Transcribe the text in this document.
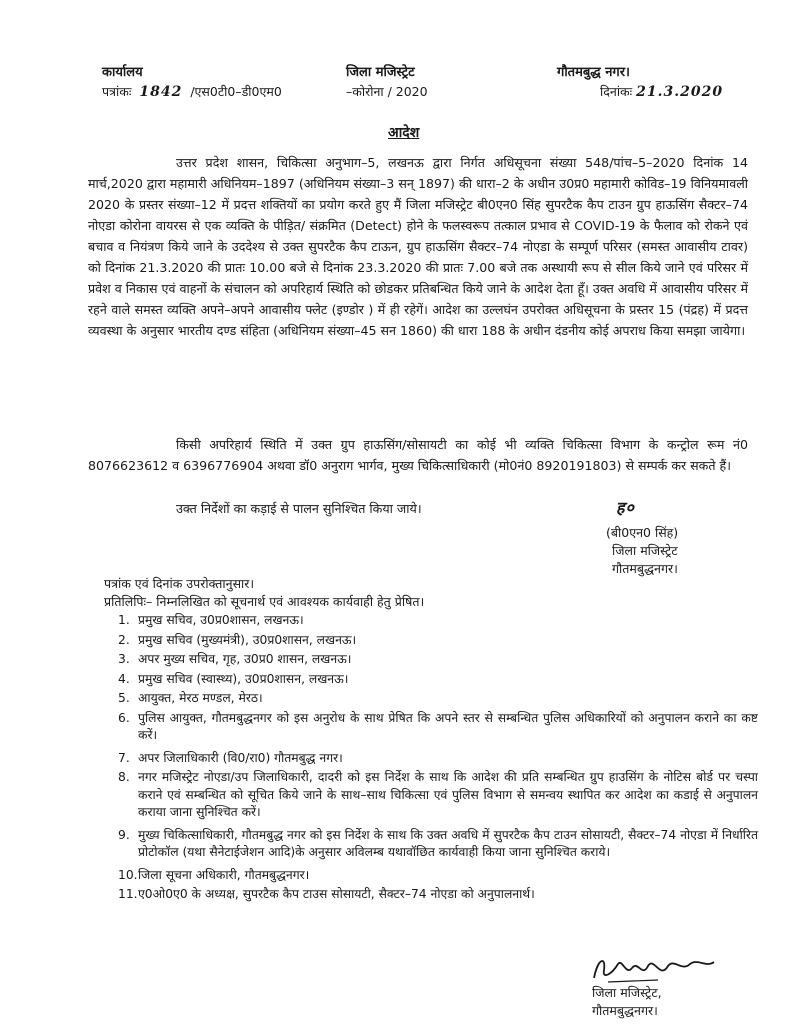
कार्यालय
पत्रांकः 1842 /एस0टी0–डी0एम0
जिला मजिस्ट्रेट
–कोरोना / 2020
गौतमबुद्ध नगर।
दिनांकः 21.3.2020
आदेश
उत्तर प्रदेश शासन, चिकित्सा अनुभाग–5, लखनऊ द्वारा निर्गत अधिसूचना संख्या 548/पांच–5–2020 दिनांक 14 मार्च,2020 द्वारा महामारी अधिनियम–1897 (अधिनियम संख्या–3 सन् 1897) की धारा–2 के अधीन उ0प्र0 महामारी कोविड–19 विनियमावली 2020 के प्रस्तर संख्या–12 में प्रदत्त शक्तियों का प्रयोग करते हुए मैं जिला मजिस्ट्रेट बी0एन0 सिंह सुपरटैक कैप टाउन ग्रुप हाऊसिंग सैक्टर–74 नोएडा कोरोना वायरस से एक व्यक्ति के पीड़ित/ संक्रमित (Detect) होने के फलस्वरूप तत्काल प्रभाव से COVID-19 के फैलाव को रोकने एवं बचाव व नियंत्रण किये जाने के उददेश्य से उक्त सुपरटैक कैप टाऊन, ग्रुप हाऊसिंग सैक्टर–74 नोएडा के सम्पूर्ण परिसर (समस्त आवासीय टावर) को दिनांक 21.3.2020 की प्रातः 10.00 बजे से दिनांक 23.3.2020 की प्रातः 7.00 बजे तक अस्थायी रूप से सील किये जाने एवं परिसर में प्रवेश व निकास एवं वाहनों के संचालन को अपरिहार्य स्थिति को छोडकर प्रतिबन्धित किये जाने के आदेश देता हूँ। उक्त अवधि में आवासीय परिसर में रहने वाले समस्त व्यक्ति अपने–अपने आवासीय फ्लेट (इण्डोर ) में ही रहेगें। आदेश का उल्लघंन उपरोक्त अधिसूचना के प्रस्तर 15 (पंद्रह) में प्रदत्त व्यवस्था के अनुसार भारतीय दण्ड संहिता (अधिनियम संख्या–45 सन 1860) की धारा 188 के अधीन दंडनीय कोई अपराध किया समझा जायेगा।
किसी अपरिहार्य स्थिति में उक्त ग्रुप हाऊसिंग/सोसायटी का कोई भी व्यक्ति चिकित्सा विभाग के कन्ट्रोल रूम नं0 8076623612 व 6396776904 अथवा डॉ0 अनुराग भार्गव, मुख्य चिकित्साधिकारी (मो0नं0 8920191803) से सम्पर्क कर सकते हैं।
उक्त निर्देशों का कड़ाई से पालन सुनिश्चित किया जाये।	ह०
(बी0एन0 सिंह)
जिला मजिस्ट्रेट
गौतमबुद्धनगर।
पत्रांक एवं दिनांक उपरोक्तानुसार।
प्रतिलिपिः– निम्नलिखित को सूचनार्थ एवं आवश्यक कार्यवाही हेतु प्रेषित।
1. प्रमुख सचिव, उ0प्र0शासन, लखनऊ।
2. प्रमुख सचिव (मुख्यमंत्री), उ0प्र0शासन, लखनऊ।
3. अपर मुख्य सचिव, गृह, उ0प्र0 शासन, लखनऊ।
4. प्रमुख सचिव (स्वास्थ्य), उ0प्र0शासन, लखनऊ।
5. आयुक्त, मेरठ मण्डल, मेरठ।
6. पुलिस आयुक्त, गौतमबुद्धनगर को इस अनुरोध के साथ प्रेषित कि अपने स्तर से सम्बन्धित पुलिस अधिकारियों को अनुपालन कराने का कष्ट करें।
7. अपर जिलाधिकारी (वि0/रा0) गौतमबुद्ध नगर।
8. नगर मजिस्ट्रेट नोएडा/उप जिलाधिकारी, दादरी को इस निर्देश के साथ कि आदेश की प्रति सम्बन्धित ग्रुप हाउसिंग के नोटिस बोर्ड पर चस्पा कराने एवं सम्बन्धित को सूचित किये जाने के साथ–साथ चिकित्सा एवं पुलिस विभाग से समन्वय स्थापित कर आदेश का कडाई से अनुपालन कराया जाना सुनिश्चित करें।
9. मुख्य चिकित्साधिकारी, गौतमबुद्ध नगर को इस निर्देश के साथ कि उक्त अवधि में सुपरटैक कैप टाउन सोसायटी, सैक्टर–74 नोएडा में निर्धारित प्रोटोकॉल (यथा सैनेटाईजेशन आदि)के अनुसार अविलम्ब यथावॉछित कार्यवाही किया जाना सुनिश्चित कराये।
10. जिला सूचना अधिकारी, गौतमबुद्धनगर।
11. ए0ओ0ए0 के अध्यक्ष, सुपरटैक कैप टाउस सोसायटी, सैक्टर–74 नोएडा को अनुपालनार्थ।
जिला मजिस्ट्रेट,
गौतमबुद्धनगर।
